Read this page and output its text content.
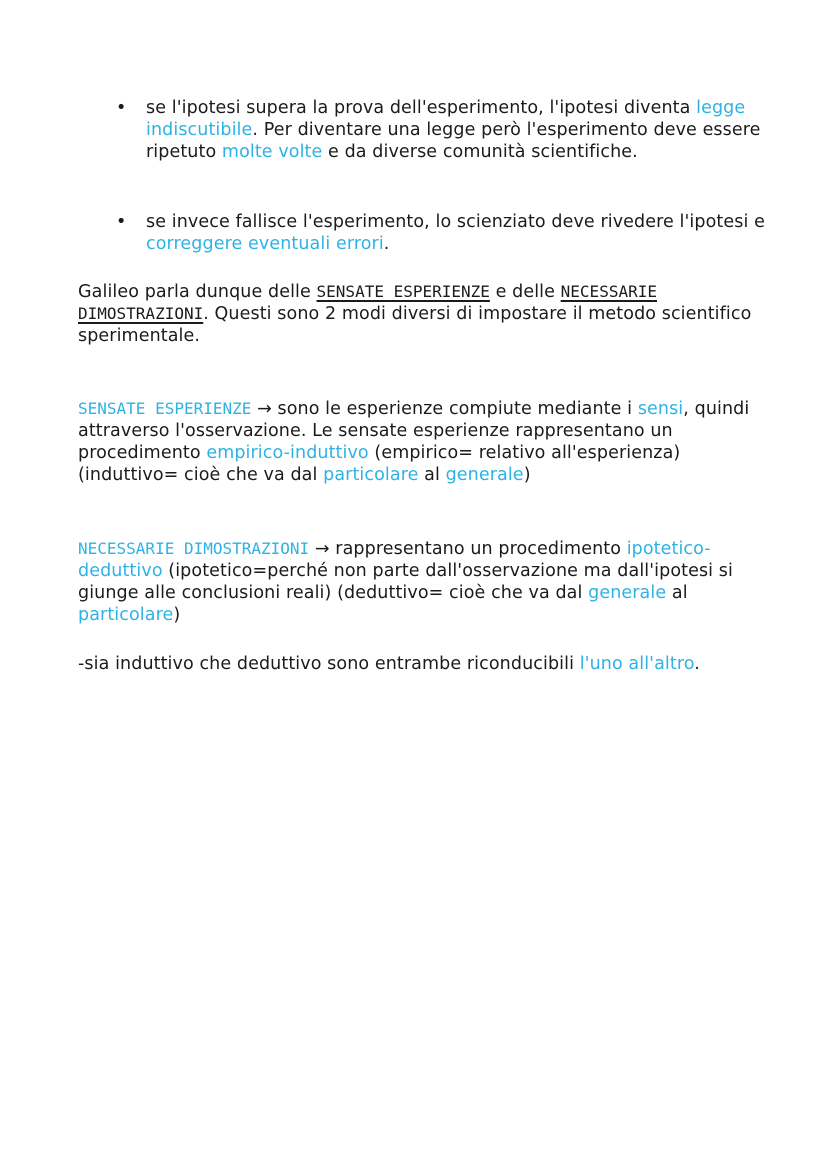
• se l'ipotesi supera la prova dell'esperimento, l'ipotesi diventa legge indiscutibile. Per diventare una legge però l'esperimento deve essere ripetuto molte volte e da diverse comunità scientifiche.

• se invece fallisce l'esperimento, lo scienziato deve rivedere l'ipotesi e correggere eventuali errori.

Galileo parla dunque delle SENSATE ESPERIENZE e delle NECESSARIE DIMOSTRAZIONI. Questi sono 2 modi diversi di impostare il metodo scientifico sperimentale.

SENSATE ESPERIENZE → sono le esperienze compiute mediante i sensi, quindi attraverso l'osservazione. Le sensate esperienze rappresentano un procedimento empirico-induttivo (empirico= relativo all'esperienza) (induttivo= cioè che va dal particolare al generale)

NECESSARIE DIMOSTRAZIONI → rappresentano un procedimento ipotetico-deduttivo (ipotetico=perché non parte dall'osservazione ma dall'ipotesi si giunge alle conclusioni reali) (deduttivo= cioè che va dal generale al particolare)

-sia induttivo che deduttivo sono entrambe riconducibili l'uno all'altro.
